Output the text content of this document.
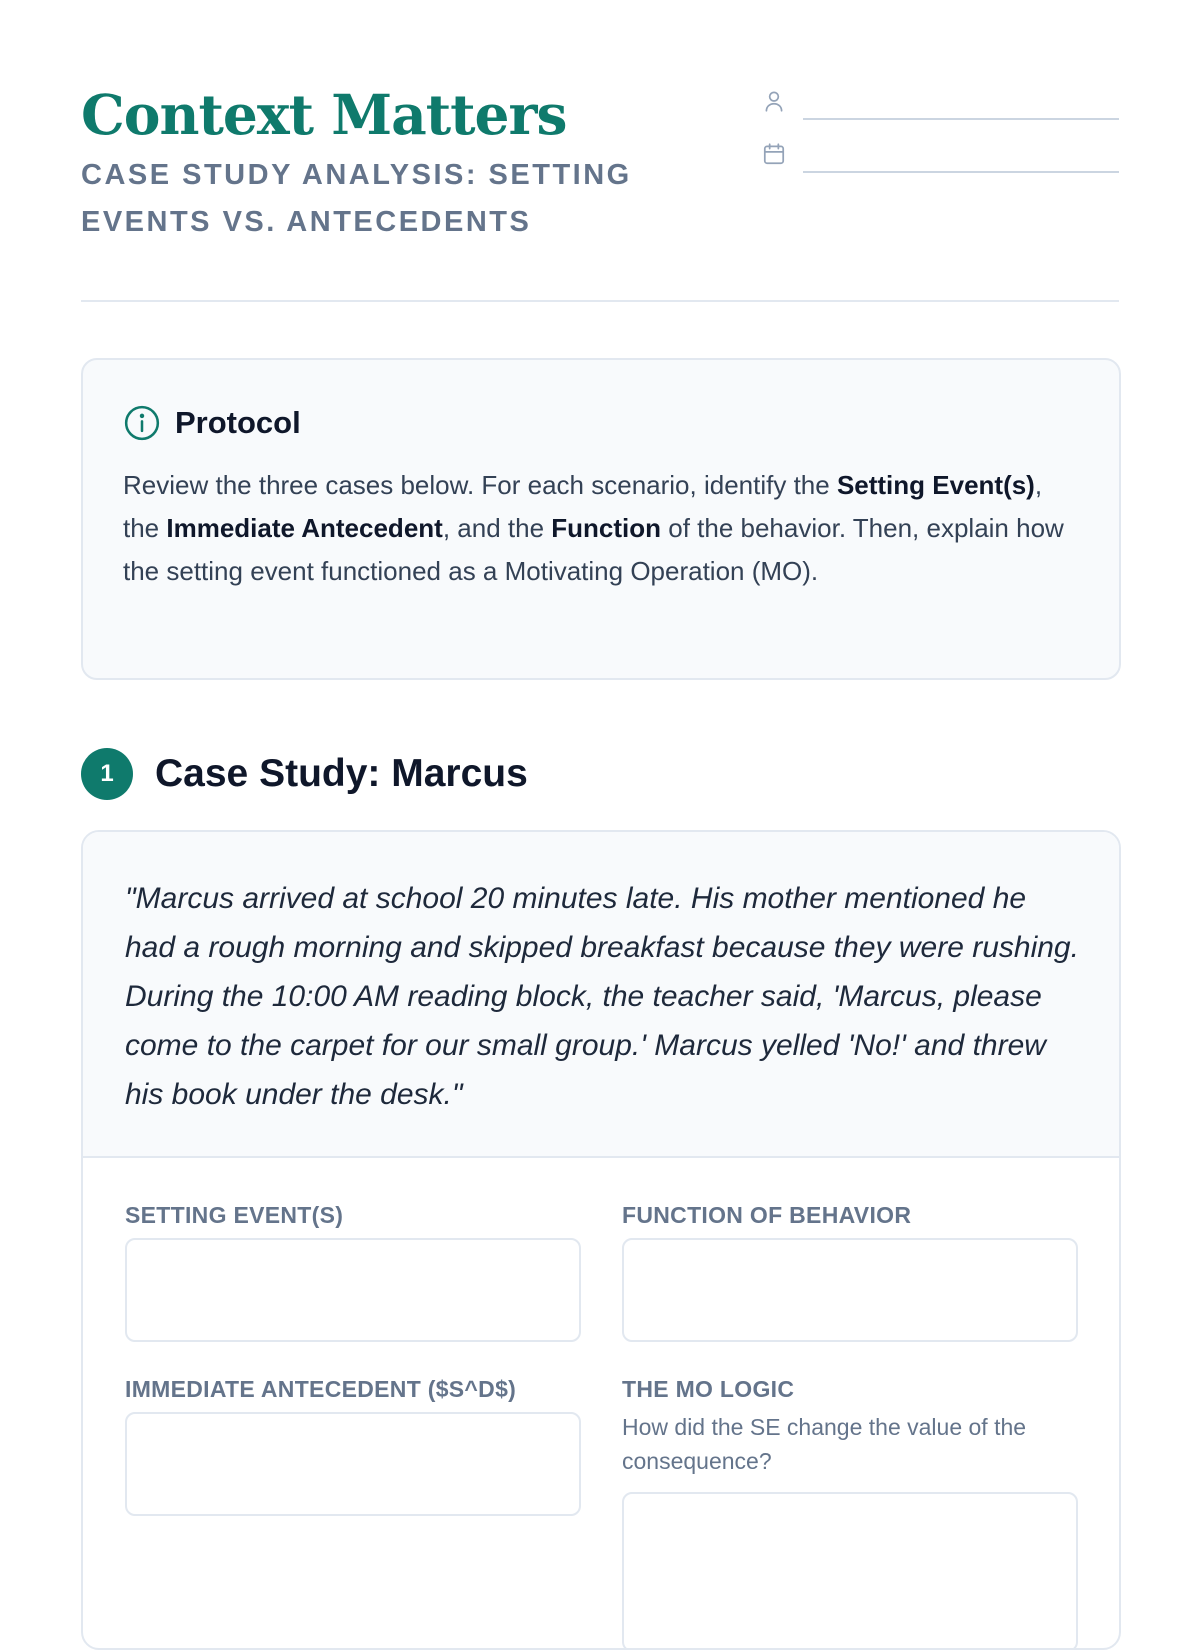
Context Matters
CASE STUDY ANALYSIS: SETTING EVENTS VS. ANTECEDENTS
Protocol

Review the three cases below. For each scenario, identify the Setting Event(s), the Immediate Antecedent, and the Function of the behavior. Then, explain how the setting event functioned as a Motivating Operation (MO).

1	Case Study: Marcus

"Marcus arrived at school 20 minutes late. His mother mentioned he had a rough morning and skipped breakfast because they were rushing. During the 10:00 AM reading block, the teacher said, 'Marcus, please come to the carpet for our small group.' Marcus yelled 'No!' and threw his book under the desk."

SETTING EVENT(S)	FUNCTION OF BEHAVIOR
IMMEDIATE ANTECEDENT ($S^D$)	THE MO LOGIC
How did the SE change the value of the consequence?
